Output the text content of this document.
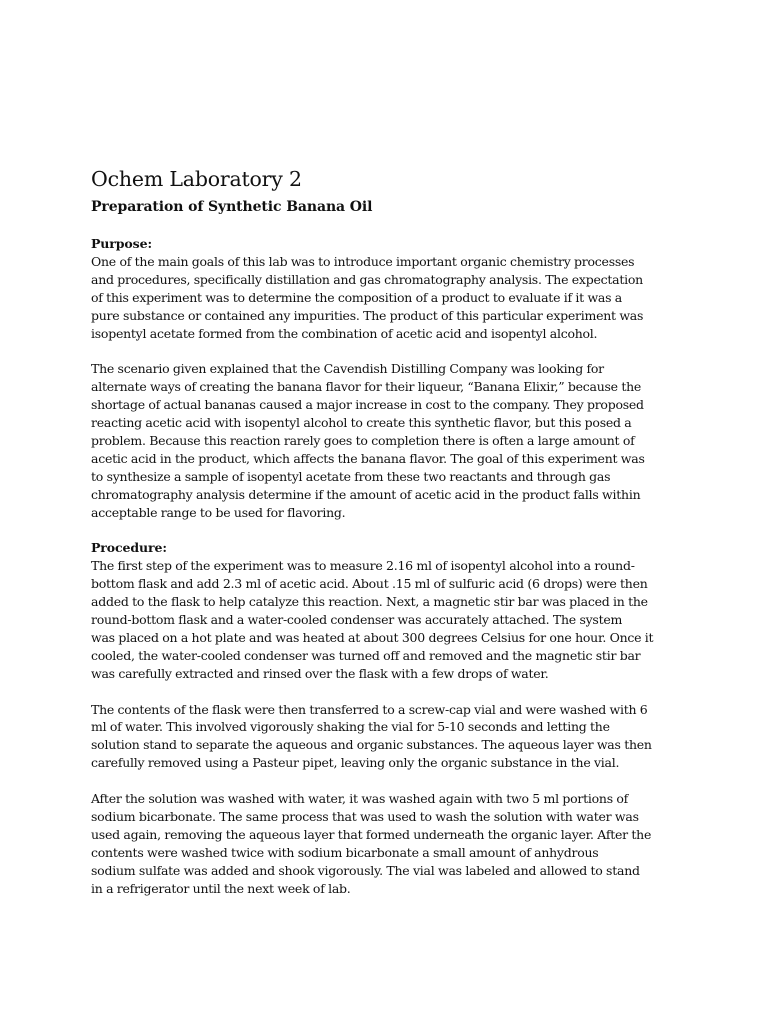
Ochem Laboratory 2
Preparation of Synthetic Banana Oil
Purpose:

One of the main goals of this lab was to introduce important organic chemistry processes
and procedures, specifically distillation and gas chromatography analysis. The expectation
of this experiment was to determine the composition of a product to evaluate if it was a
pure substance or contained any impurities. The product of this particular experiment was
isopentyl acetate formed from the combination of acetic acid and isopentyl alcohol.

The scenario given explained that the Cavendish Distilling Company was looking for
alternate ways of creating the banana flavor for their liqueur, “Banana Elixir,” because the
shortage of actual bananas caused a major increase in cost to the company. They proposed
reacting acetic acid with isopentyl alcohol to create this synthetic flavor, but this posed a
problem. Because this reaction rarely goes to completion there is often a large amount of
acetic acid in the product, which affects the banana flavor. The goal of this experiment was
to synthesize a sample of isopentyl acetate from these two reactants and through gas
chromatography analysis determine if the amount of acetic acid in the product falls within
acceptable range to be used for flavoring.

Procedure:

The first step of the experiment was to measure 2.16 ml of isopentyl alcohol into a round-
bottom flask and add 2.3 ml of acetic acid. About .15 ml of sulfuric acid (6 drops) were then
added to the flask to help catalyze this reaction. Next, a magnetic stir bar was placed in the
round-bottom flask and a water-cooled condenser was accurately attached. The system
was placed on a hot plate and was heated at about 300 degrees Celsius for one hour. Once it
cooled, the water-cooled condenser was turned off and removed and the magnetic stir bar
was carefully extracted and rinsed over the flask with a few drops of water.

The contents of the flask were then transferred to a screw-cap vial and were washed with 6
ml of water. This involved vigorously shaking the vial for 5-10 seconds and letting the
solution stand to separate the aqueous and organic substances. The aqueous layer was then
carefully removed using a Pasteur pipet, leaving only the organic substance in the vial.

After the solution was washed with water, it was washed again with two 5 ml portions of
sodium bicarbonate. The same process that was used to wash the solution with water was
used again, removing the aqueous layer that formed underneath the organic layer. After the
contents were washed twice with sodium bicarbonate a small amount of anhydrous
sodium sulfate was added and shook vigorously. The vial was labeled and allowed to stand
in a refrigerator until the next week of lab.
